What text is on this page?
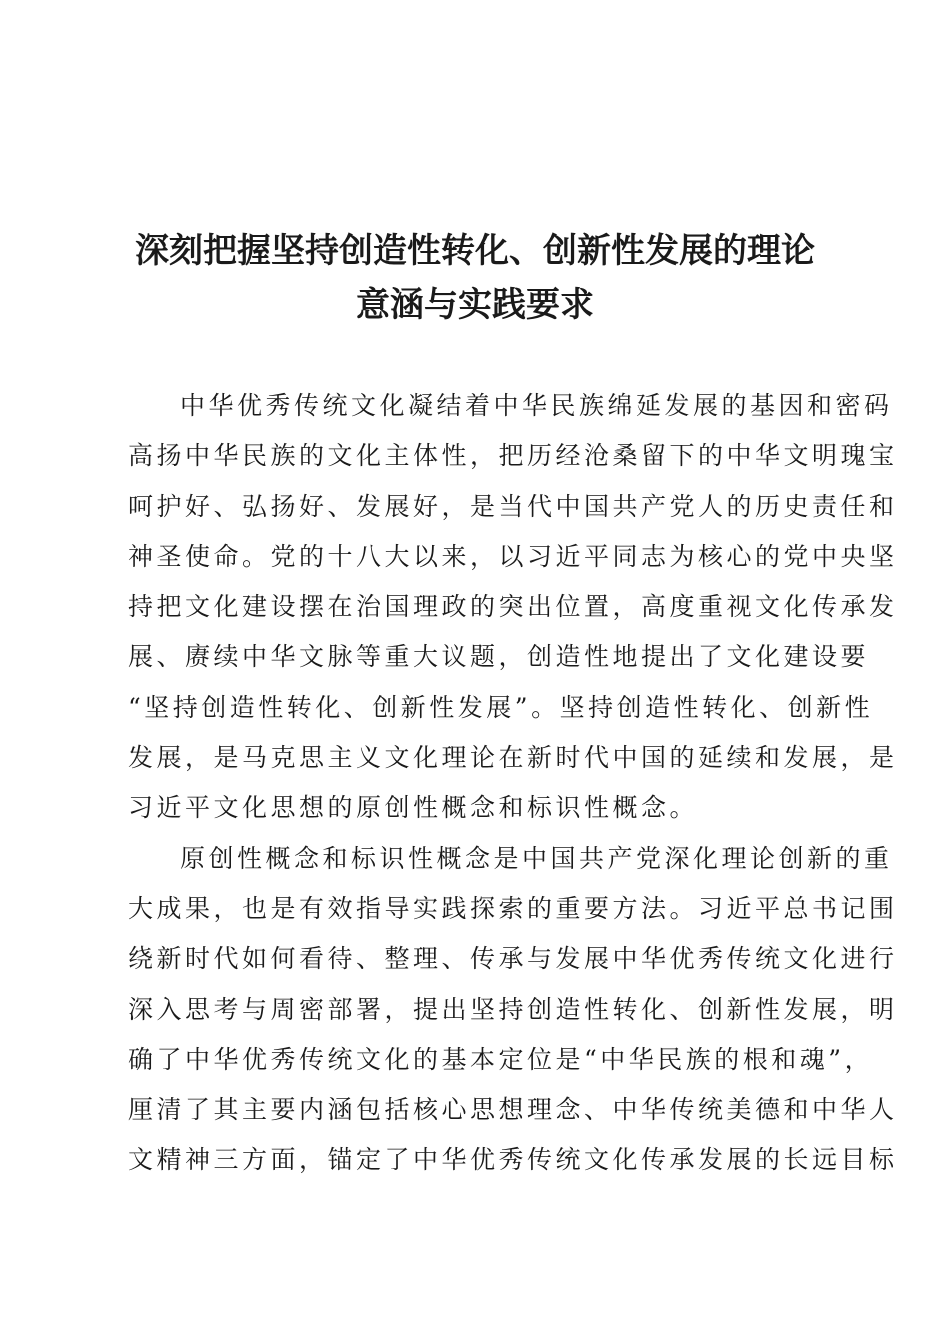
深刻把握坚持创造性转化、创新性发展的理论
意涵与实践要求
中华优秀传统文化凝结着中华民族绵延发展的基因和密码
高扬中华民族的文化主体性，把历经沧桑留下的中华文明瑰宝
呵护好、弘扬好、发展好，是当代中国共产党人的历史责任和
神圣使命。党的十八大以来，以习近平同志为核心的党中央坚
持把文化建设摆在治国理政的突出位置，高度重视文化传承发
展、赓续中华文脉等重大议题，创造性地提出了文化建设要
“坚持创造性转化、创新性发展”。坚持创造性转化、创新性
发展，是马克思主义文化理论在新时代中国的延续和发展，是
习近平文化思想的原创性概念和标识性概念。
原创性概念和标识性概念是中国共产党深化理论创新的重
大成果，也是有效指导实践探索的重要方法。习近平总书记围
绕新时代如何看待、整理、传承与发展中华优秀传统文化进行
深入思考与周密部署，提出坚持创造性转化、创新性发展，明
确了中华优秀传统文化的基本定位是“中华民族的根和魂”，
厘清了其主要内涵包括核心思想理念、中华传统美德和中华人
文精神三方面，锚定了中华优秀传统文化传承发展的长远目标
